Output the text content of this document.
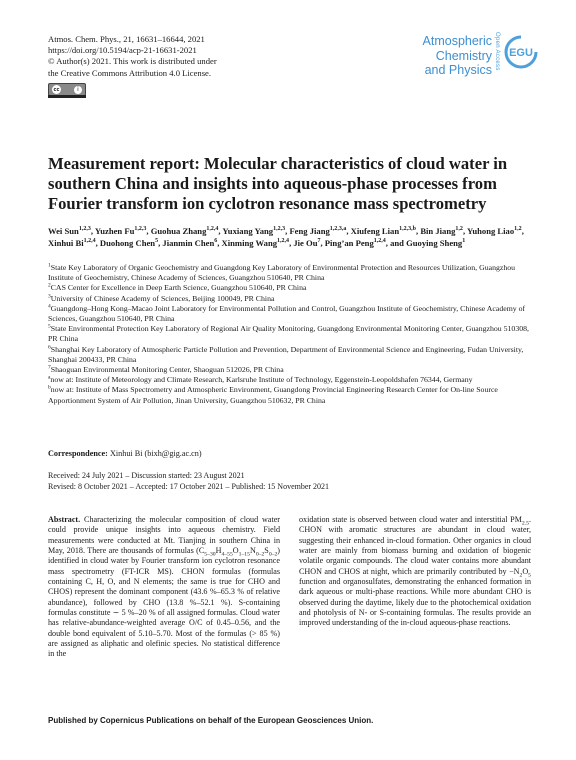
Atmos. Chem. Phys., 21, 16631–16644, 2021
https://doi.org/10.5194/acp-21-16631-2021
© Author(s) 2021. This work is distributed under
the Creative Commons Attribution 4.0 License.
cc	i
Atmospheric
Chemistry
and Physics Open Access EGU
Measurement report: Molecular characteristics of cloud water in southern China and insights into aqueous-phase processes from Fourier transform ion cyclotron resonance mass spectrometry
Wei Sun$^{1,2,3}$, Yuzhen Fu$^{1,2,3}$, Guohua Zhang$^{1,2,4}$, Yuxiang Yang$^{1,2,3}$, Feng Jiang$^{1,2,3,a}$, Xiufeng Lian$^{1,2,3,b}$, Bin Jiang$^{1,2}$, Yuhong Liao$^{1,2}$, Xinhui Bi$^{1,2,4}$, Duohong Chen$^5$, Jianmin Chen$^6$, Xinming Wang$^{1,2,4}$, Jie Ou$^7$, Ping’an Peng$^{1,2,4}$, and Guoying Sheng$^1$

$^1$State Key Laboratory of Organic Geochemistry and Guangdong Key Laboratory of Environmental Protection and Resources Utilization, Guangzhou Institute of Geochemistry, Chinese Academy of Sciences, Guangzhou 510640, PR China

$^2$CAS Center for Excellence in Deep Earth Science, Guangzhou 510640, PR China

$^3$University of Chinese Academy of Sciences, Beijing 100049, PR China

$^4$Guangdong–Hong Kong–Macao Joint Laboratory for Environmental Pollution and Control, Guangzhou Institute of Geochemistry, Chinese Academy of Sciences, Guangzhou 510640, PR China

$^5$State Environmental Protection Key Laboratory of Regional Air Quality Monitoring, Guangdong Environmental Monitoring Center, Guangzhou 510308, PR China

$^6$Shanghai Key Laboratory of Atmospheric Particle Pollution and Prevention, Department of Environmental Science and Engineering, Fudan University, Shanghai 200433, PR China

$^7$Shaoguan Environmental Monitoring Center, Shaoguan 512026, PR China

$^a$now at: Institute of Meteorology and Climate Research, Karlsruhe Institute of Technology, Eggenstein-Leopoldshafen 76344, Germany

$^b$now at: Institute of Mass Spectrometry and Atmospheric Environment, Guangdong Provincial Engineering Research Center for On-line Source Apportionment System of Air Pollution, Jinan University, Guangzhou 510632, PR China

Correspondence: Xinhui Bi (bixh@gig.ac.cn)
Received: 24 July 2021 – Discussion started: 23 August 2021
Revised: 8 October 2021 – Accepted: 17 October 2021 – Published: 15 November 2021
Abstract. Characterizing the molecular composition of cloud water could provide unique insights into aqueous chemistry. Field measurements were conducted at Mt. Tianjing in southern China in May, 2018. There are thousands of formulas $(C_{5-30}H_{4-55}O_{1-15}N_{0-2}S_{0-2})$ identified in cloud water by Fourier transform ion cyclotron resonance mass spectrometry (FT-ICR MS). CHON formulas (formulas containing C, H, O, and N elements; the same is true for CHO and CHOS) represent the dominant component (43.6 %–65.3 % of relative abundance), followed by CHO (13.8 %–52.1 %). S-containing formulas constitute ∼ 5 %–20 % of all assigned formulas. Cloud water has relative-abundance-weighted average O/C of 0.45–0.56, and the double bond equivalent of 5.10–5.70. Most of the formulas (> 85 %) are assigned as aliphatic and olefinic species. No statistical difference in the
oxidation state is observed between cloud water and interstitial $PM_{2.5}$. CHON with aromatic structures are abundant in cloud water, suggesting their enhanced in-cloud formation. Other organics in cloud water are mainly from biomass burning and oxidation of biogenic volatile organic compounds. The cloud water contains more abundant CHON and CHOS at night, which are primarily contributed by $-N_2O_5$ function and organosulfates, demonstrating the enhanced formation in dark aqueous or multi-phase reactions. While more abundant CHO is observed during the daytime, likely due to the photochemical oxidation and photolysis of N- or S-containing formulas. The results provide an improved understanding of the in-cloud aqueous-phase reactions.
Published by Copernicus Publications on behalf of the European Geosciences Union.
